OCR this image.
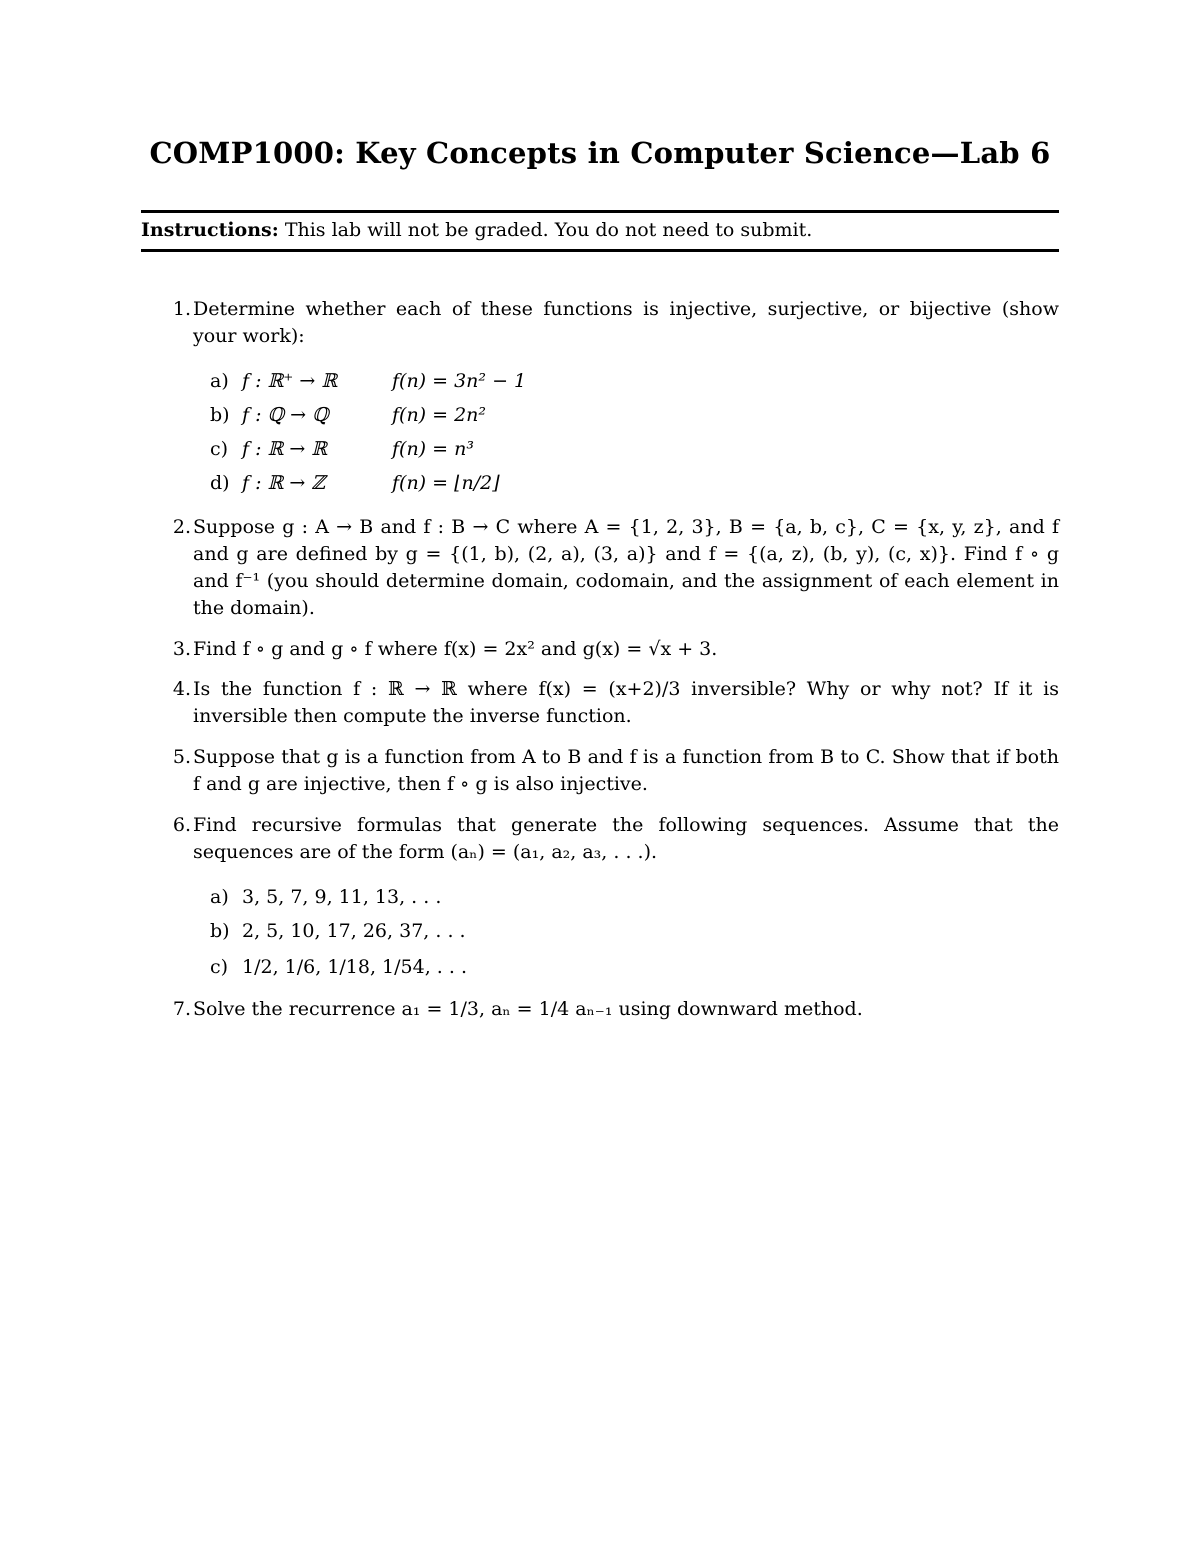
COMP1000: Key Concepts in Computer Science—Lab 6
Instructions: This lab will not be graded. You do not need to submit.
1. Determine whether each of these functions is injective, surjective, or bijective (show your work):
a) f : ℝ⁺ → ℝ	f(n) = 3n² − 1
b) f : ℚ → ℚ	f(n) = 2n²
c) f : ℝ → ℝ	f(n) = n³
d) f : ℝ → ℤ	f(n) = ⌊n/2⌋
2. Suppose g : A → B and f : B → C where A = {1, 2, 3}, B = {a, b, c}, C = {x, y, z}, and f and g are defined by g = {(1, b), (2, a), (3, a)} and f = {(a, z), (b, y), (c, x)}. Find f ∘ g and f⁻¹ (you should determine domain, codomain, and the assignment of each element in the domain).
3. Find f ∘ g and g ∘ f where f(x) = 2x² and g(x) = √x + 3.
4. Is the function f : ℝ → ℝ where f(x) = (x+2)/3 inversible? Why or why not? If it is inversible then compute the inverse function.
5. Suppose that g is a function from A to B and f is a function from B to C. Show that if both f and g are injective, then f ∘ g is also injective.
6. Find recursive formulas that generate the following sequences. Assume that the sequences are of the form (aₙ) = (a₁, a₂, a₃, . . .).
a) 3, 5, 7, 9, 11, 13, . . .
b) 2, 5, 10, 17, 26, 37, . . .
c) 1/2, 1/6, 1/18, 1/54, . . .
7. Solve the recurrence a₁ = 1/3, aₙ = 1/4 aₙ₋₁ using downward method.
